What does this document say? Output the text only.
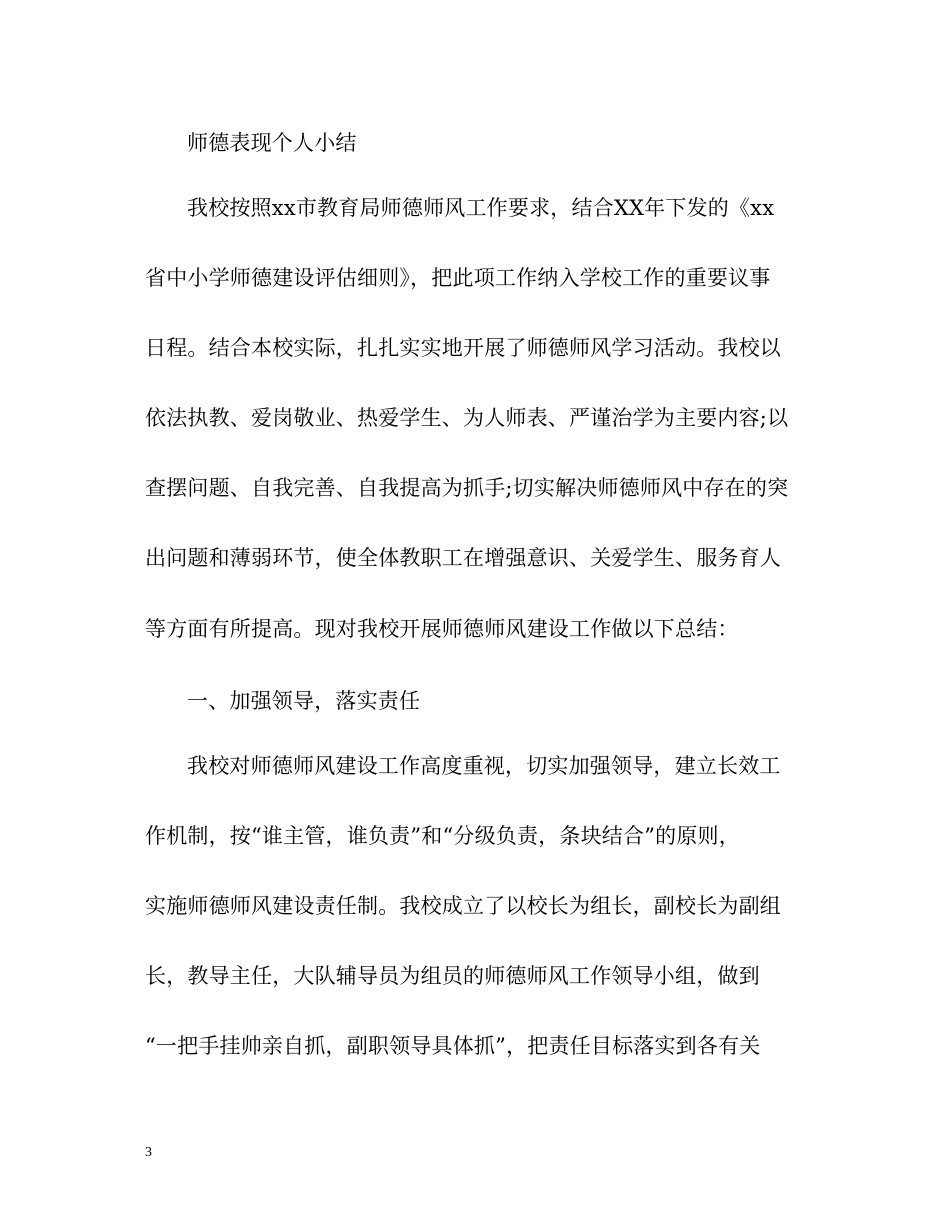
师德表现个人小结
我校按照xx市教育局师德师风工作要求，结合XX年下发的《xx
省中小学师德建设评估细则》，把此项工作纳入学校工作的重要议事
日程。结合本校实际，扎扎实实地开展了师德师风学习活动。我校以
依法执教、爱岗敬业、热爱学生、为人师表、严谨治学为主要内容;以
查摆问题、自我完善、自我提高为抓手;切实解决师德师风中存在的突
出问题和薄弱环节，使全体教职工在增强意识、关爱学生、服务育人
等方面有所提高。现对我校开展师德师风建设工作做以下总结：
一、加强领导，落实责任
我校对师德师风建设工作高度重视，切实加强领导，建立长效工
作机制，按“谁主管，谁负责”和“分级负责，条块结合”的原则，
实施师德师风建设责任制。我校成立了以校长为组长，副校长为副组
长，教导主任，大队辅导员为组员的师德师风工作领导小组，做到
“一把手挂帅亲自抓，副职领导具体抓”，把责任目标落实到各有关
3
